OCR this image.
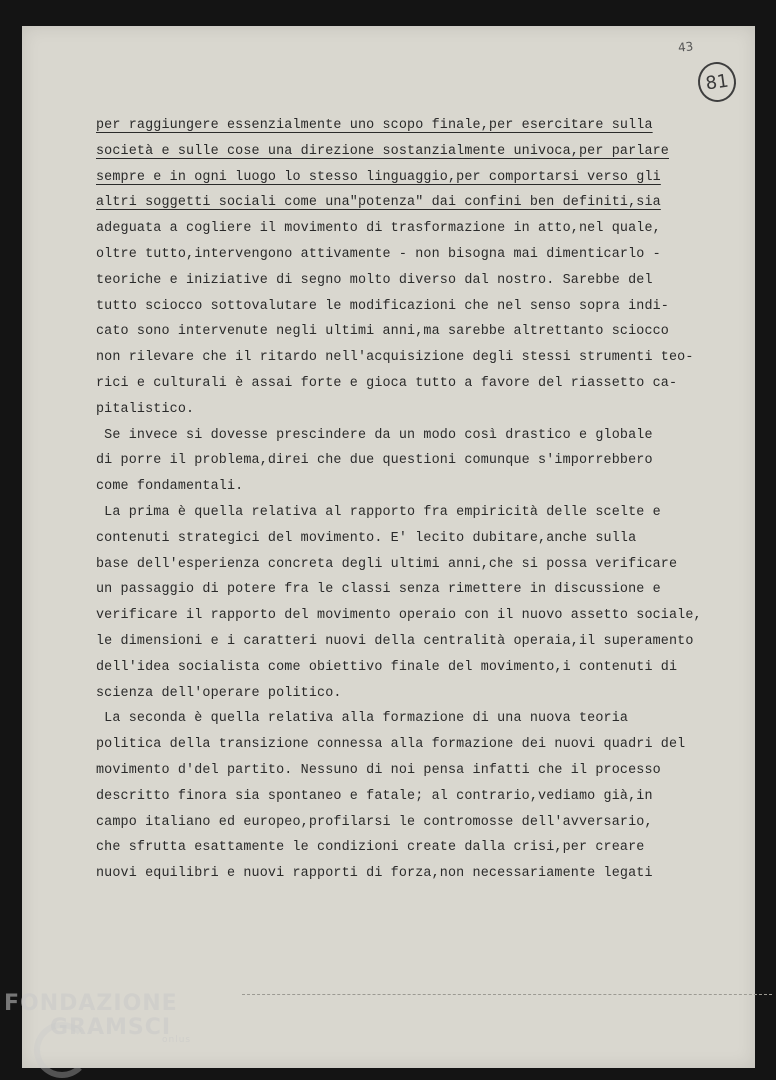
43
81
per raggiungere essenzialmente uno scopo finale,per esercitare sulla
società e sulle cose una direzione sostanzialmente univoca,per parlare
sempre e in ogni luogo lo stesso linguaggio,per comportarsi verso gli
altri soggetti sociali come una"potenza" dai confini ben definiti,sia
adeguata a cogliere il movimento di trasformazione in atto,nel quale,
oltre tutto,intervengono attivamente - non bisogna mai dimenticarlo -
teoriche e iniziative di segno molto diverso dal nostro. Sarebbe del
tutto sciocco sottovalutare le modificazioni che nel senso sopra indi-
cato sono intervenute negli ultimi anni,ma sarebbe altrettanto sciocco
non rilevare che il ritardo nell'acquisizione degli stessi strumenti teo-
rici e culturali è assai forte e gioca tutto a favore del riassetto ca-
pitalistico.
Se invece si dovesse prescindere da un modo così drastico e globale
di porre il problema,direi che due questioni comunque s'imporrebbero
come fondamentali.
La prima è quella relativa al rapporto fra empiricità delle scelte e
contenuti strategici del movimento. E' lecito dubitare,anche sulla
base dell'esperienza concreta degli ultimi anni,che si possa verificare
un passaggio di potere fra le classi senza rimettere in discussione e
verificare il rapporto del movimento operaio con il nuovo assetto sociale,
le dimensioni e i caratteri nuovi della centralità operaia,il superamento
dell'idea socialista come obiettivo finale del movimento,i contenuti di
scienza dell'operare politico.
La seconda è quella relativa alla formazione di una nuova teoria
politica della transizione connessa alla formazione dei nuovi quadri del
movimento d'del partito. Nessuno di noi pensa infatti che il processo
descritto finora sia spontaneo e fatale; al contrario,vediamo già,in
campo italiano ed europeo,profilarsi le contromosse dell'avversario,
che sfrutta esattamente le condizioni create dalla crisi,per creare
nuovi equilibri e nuovi rapporti di forza,non necessariamente legati
FONDAZIONE
GRAMSCI
onlus
